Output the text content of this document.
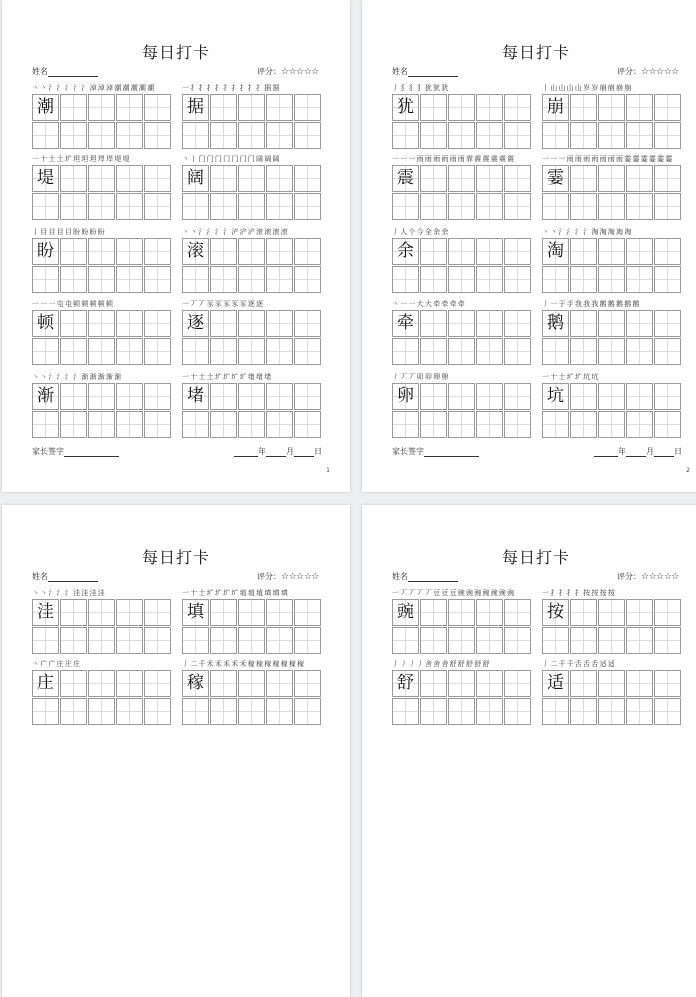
每日打卡
姓名	评分：☆☆☆☆☆
丶 丶 氵 氵 氵 氵 氵 淖 淖 淖 潮 潮 潮 潮 潮
潮
一 扌 扌 扌 扌 扌 扌 扌 扌 扌 据 据
据
一 十 土 土 圹 坦 坦 坦 垾 垾 堤 堤
堤
丶 丨 门 门 门 门 门 门 门 阔 阔 阔
阔
丨 目 目 目 目 盼 盼 盼 盼
盼
丶 丶 氵 氵 氵 氵 浐 浐 浐 滚 滚 滚 滚
滚
一 一 一 屯 屯 顿 顿 顿 顿 顿
顿
一 丆 丆 豕 豕 豕 豕 豕 逐 逐
逐
丶 丶 氵 氵 氵 氵 渐 渐 渐 渐 渐
渐
一 十 土 土 圹 圹 圹 圹 堵 堵 堵
堵
家长签字	年	月	日
1
每日打卡
姓名	评分：☆☆☆☆☆
丿 犭 犭 犭 犹 犹 犹
犹
丨 山 山 山 山 岁 岁 崩 崩 崩 崩
崩
一 一 一 雨 雨 雨 雨 雨 雨 霏 震 震 震 震 震
震
一 一 一 雨 雨 雨 雨 雨 雨 雨 霎 霎 霎 霎 霎 霎
霎
丿 人 个 今 全 余 余
余
丶 丶 氵 氵 氵 氵 淘 淘 淘 淘 淘
淘
丶 一 一 大 大 牵 牵 牵 牵
牵
丿 一 于 手 我 我 我 鹅 鹅 鹅 鹅 鹅
鹅
丿 丆 丆 卯 卯 卵 卵
卵
一 十 土 圹 圹 坑 坑
坑
家长签字	年	月	日
2
每日打卡
姓名	评分：☆☆☆☆☆
丶 丶 氵 氵 氵 洼 洼 洼 洼
洼
一 十 土 圹 圹 圹 圹 埴 埴 埴 填 填 填
填
丶 广 广 庄 庄 庄
庄
丿 二 千 禾 禾 禾 禾 禾 稼 稼 稼 稼 稼 稼 稼
稼
每日打卡
姓名	评分：☆☆☆☆☆
一 丆 丆 丆 丆 豆 豆 豆 豌 豌 豌 豌 豌 豌 豌
豌
一 扌 扌 扌 扌 按 按 按 按
按
丿 丿 丿 丿 舍 舍 舍 舒 舒 舒 舒 舒
舒
丿 二 千 千 舌 舌 舌 适 适
适
